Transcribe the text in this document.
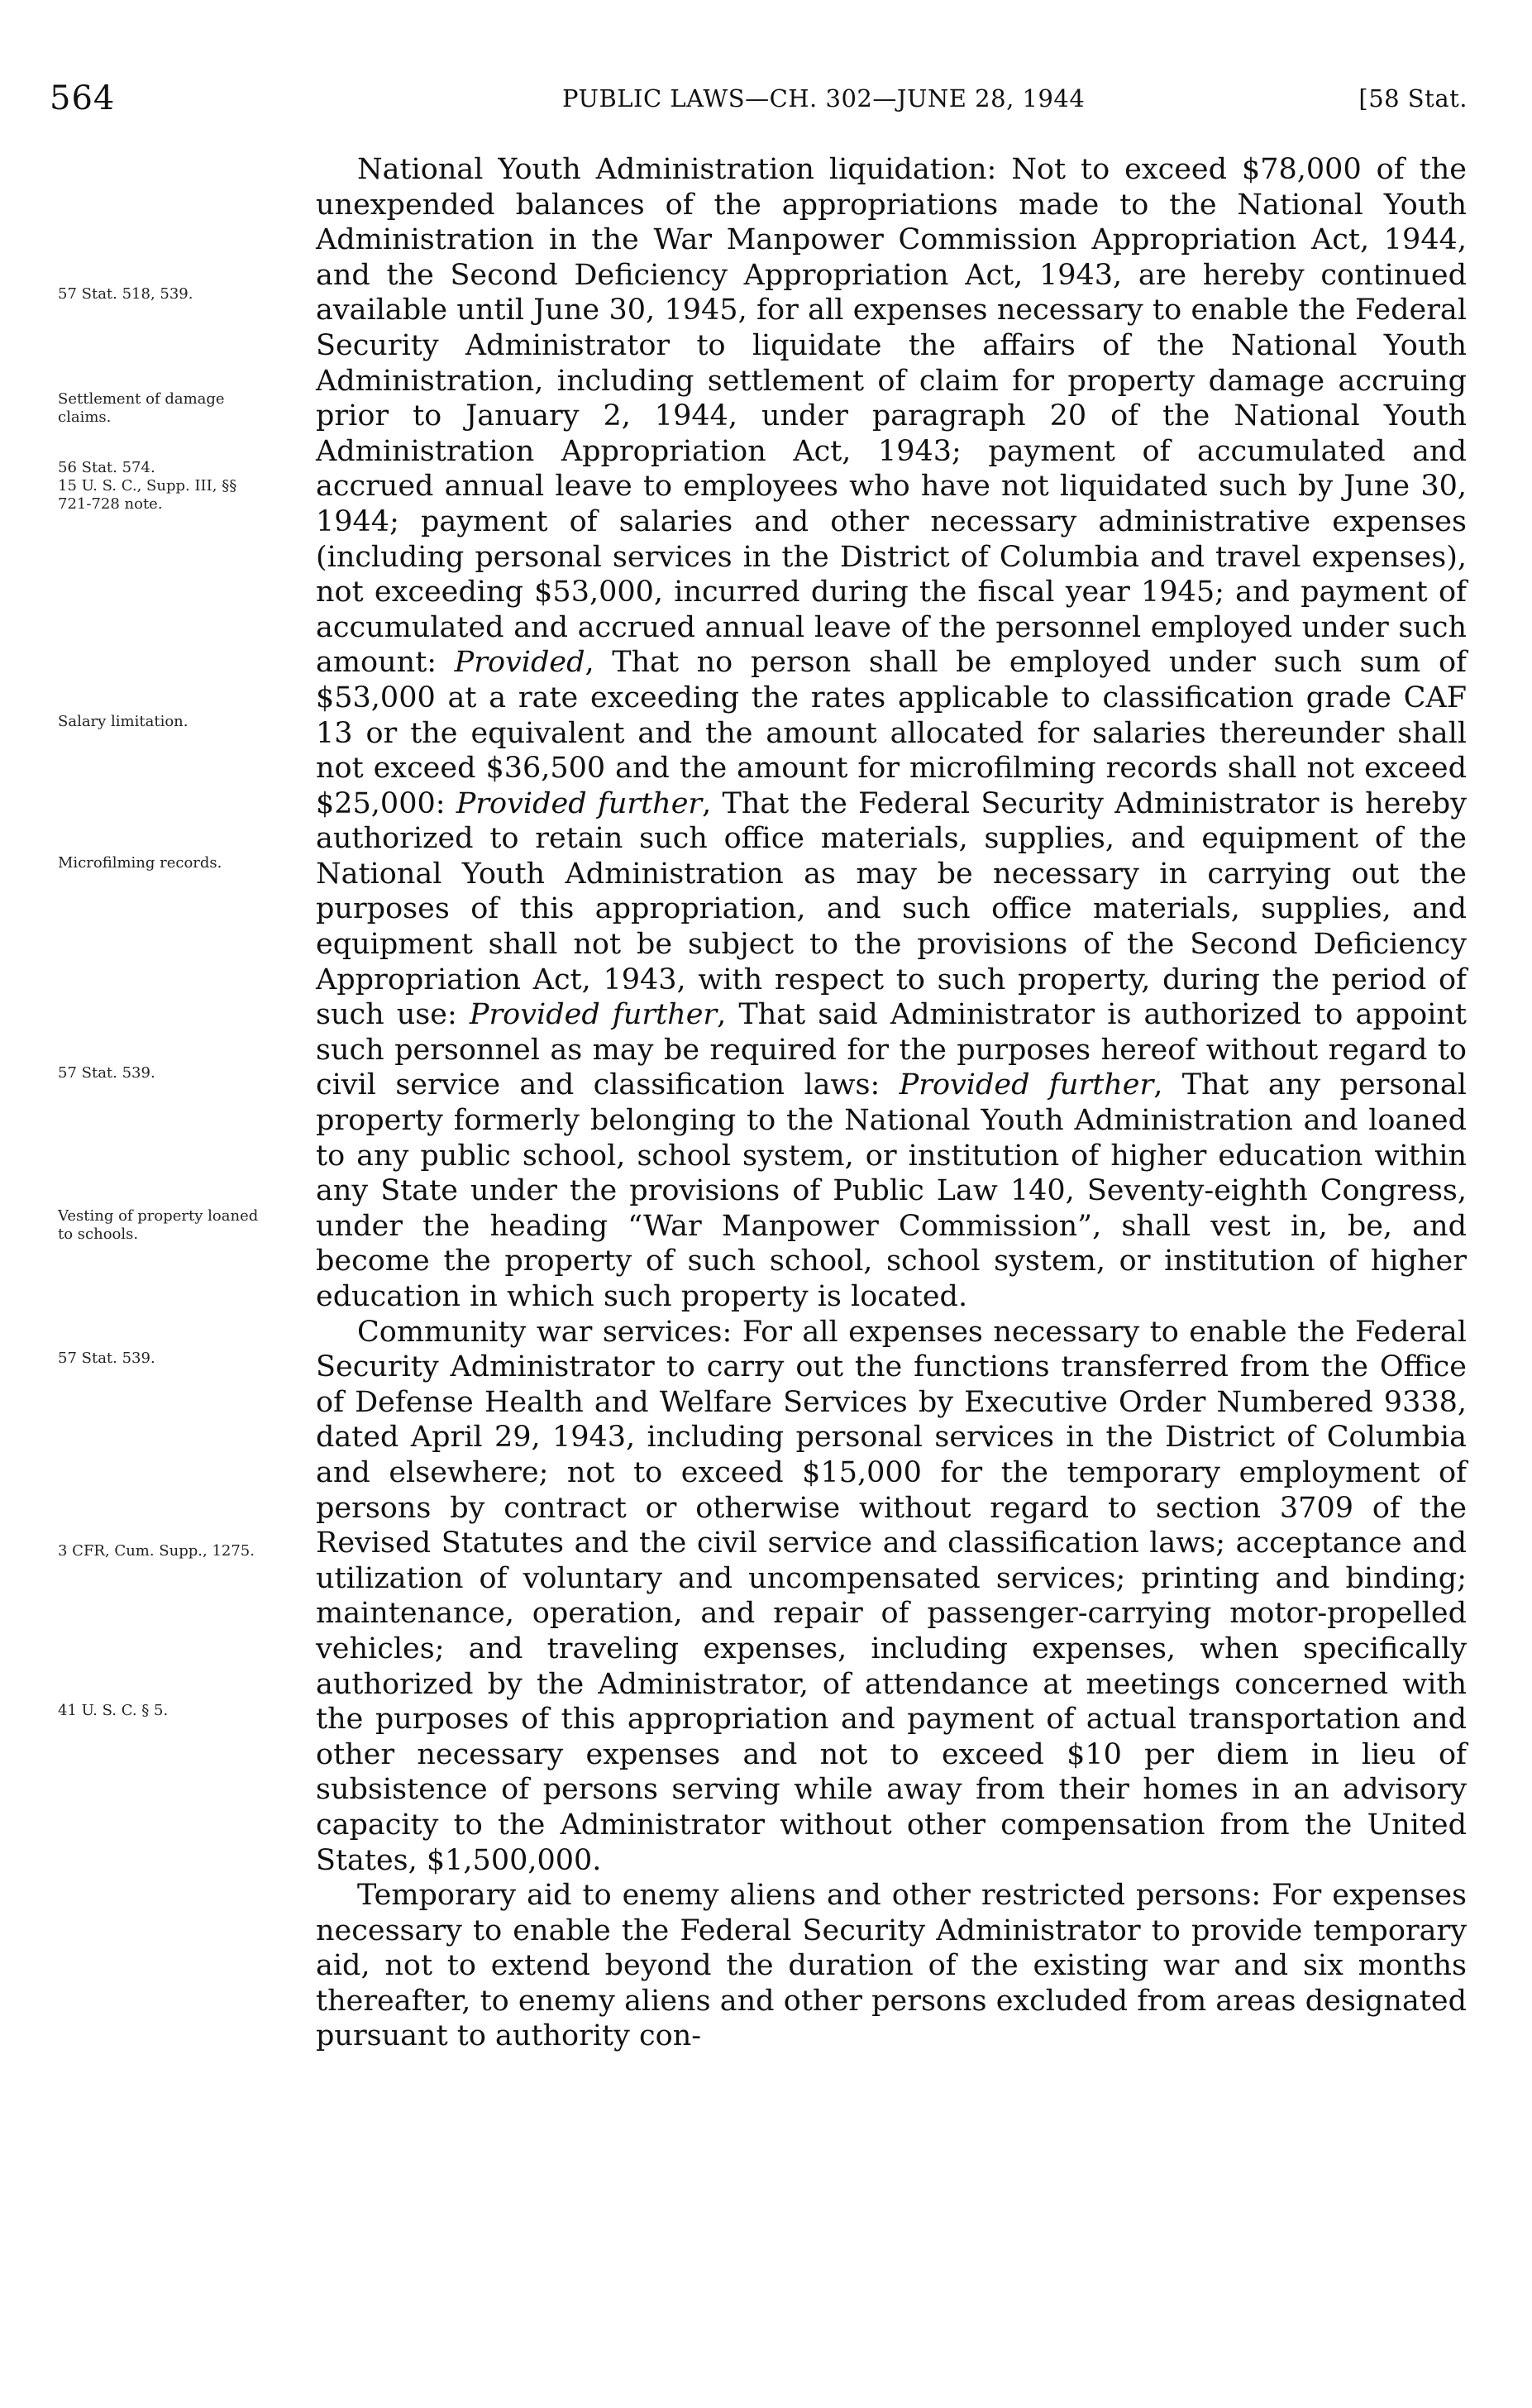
564	PUBLIC LAWS—CH. 302—JUNE 28, 1944	[58 Stat.
57 Stat. 518, 539.
Settlement of damage claims.
56 Stat. 574.
15 U. S. C., Supp. III, §§ 721-728 note.
Salary limitation.
Microfilming records.
57 Stat. 539.
Vesting of property loaned to schools.
57 Stat. 539.
3 CFR, Cum. Supp., 1275.
41 U. S. C. § 5.

National Youth Administration liquidation: Not to exceed $78,000 of the unexpended balances of the appropriations made to the National Youth Administration in the War Manpower Commission Appropriation Act, 1944, and the Second Deficiency Appropriation Act, 1943, are hereby continued available until June 30, 1945, for all expenses necessary to enable the Federal Security Administrator to liquidate the affairs of the National Youth Administration, including settlement of claim for property damage accruing prior to January 2, 1944, under paragraph 20 of the National Youth Administration Appropriation Act, 1943; payment of accumulated and accrued annual leave to employees who have not liquidated such by June 30, 1944; payment of salaries and other necessary administrative expenses (including personal services in the District of Columbia and travel expenses), not exceeding $53,000, incurred during the fiscal year 1945; and payment of accumulated and accrued annual leave of the personnel employed under such amount: Provided, That no person shall be employed under such sum of $53,000 at a rate exceeding the rates applicable to classification grade CAF 13 or the equivalent and the amount allocated for salaries thereunder shall not exceed $36,500 and the amount for microfilming records shall not exceed $25,000: Provided further, That the Federal Security Administrator is hereby authorized to retain such office materials, supplies, and equipment of the National Youth Administration as may be necessary in carrying out the purposes of this appropriation, and such office materials, supplies, and equipment shall not be subject to the provisions of the Second Deficiency Appropriation Act, 1943, with respect to such property, during the period of such use: Provided further, That said Administrator is authorized to appoint such personnel as may be required for the purposes hereof without regard to civil service and classification laws: Provided further, That any personal property formerly belonging to the National Youth Administration and loaned to any public school, school system, or institution of higher education within any State under the provisions of Public Law 140, Seventy-eighth Congress, under the heading “War Manpower Commission”, shall vest in, be, and become the property of such school, school system, or institution of higher education in which such property is located.

Community war services: For all expenses necessary to enable the Federal Security Administrator to carry out the functions transferred from the Office of Defense Health and Welfare Services by Executive Order Numbered 9338, dated April 29, 1943, including personal services in the District of Columbia and elsewhere; not to exceed $15,000 for the temporary employment of persons by contract or otherwise without regard to section 3709 of the Revised Statutes and the civil service and classification laws; acceptance and utilization of voluntary and uncompensated services; printing and binding; maintenance, operation, and repair of passenger-carrying motor-propelled vehicles; and traveling expenses, including expenses, when specifically authorized by the Administrator, of attendance at meetings concerned with the purposes of this appropriation and payment of actual transportation and other necessary expenses and not to exceed $10 per diem in lieu of subsistence of persons serving while away from their homes in an advisory capacity to the Administrator without other compensation from the United States, $1,500,000.

Temporary aid to enemy aliens and other restricted persons: For expenses necessary to enable the Federal Security Administrator to provide temporary aid, not to extend beyond the duration of the existing war and six months thereafter, to enemy aliens and other persons excluded from areas designated pursuant to authority con-
